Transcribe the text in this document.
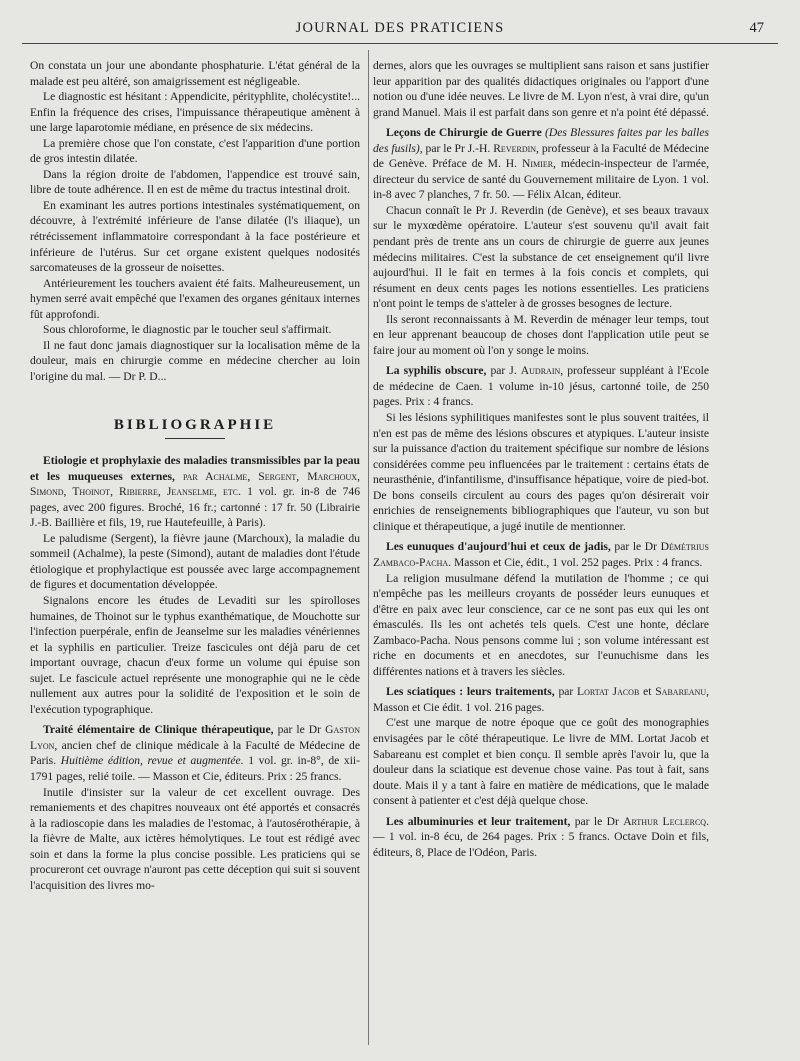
JOURNAL DES PRATICIENS	47

On constata un jour une abondante phosphaturie. L'état général de la malade est peu altéré, son amaigrissement est négligeable.

Le diagnostic est hésitant : Appendicite, pérityphlite, cholécystite!... Enfin la fréquence des crises, l'impuissance thérapeutique amènent à une large laparotomie médiane, en présence de six médecins.

La première chose que l'on constate, c'est l'apparition d'une portion de gros intestin dilatée.

Dans la région droite de l'abdomen, l'appendice est trouvé sain, libre de toute adhérence. Il en est de même du tractus intestinal droit.

En examinant les autres portions intestinales systématiquement, on découvre, à l'extrémité inférieure de l'anse dilatée (l's iliaque), un rétrécissement inflammatoire correspondant à la face postérieure et inférieure de l'utérus. Sur cet organe existent quelques nodosités sarcomateuses de la grosseur de noisettes.

Antérieurement les touchers avaient été faits. Malheureusement, un hymen serré avait empêché que l'examen des organes génitaux internes fût approfondi.

Sous chloroforme, le diagnostic par le toucher seul s'affirmait.

Il ne faut donc jamais diagnostiquer sur la localisation même de la douleur, mais en chirurgie comme en médecine chercher au loin l'origine du mal. — Dr P. D...

BIBLIOGRAPHIE

Etiologie et prophylaxie des maladies transmissibles par la peau et les muqueuses externes, par Achalme, Sergent, Marchoux, Simond, Thoinot, Ribierre, Jeanselme, etc. 1 vol. gr. in-8 de 746 pages, avec 200 figures. Broché, 16 fr.; cartonné : 17 fr. 50 (Librairie J.-B. Baillière et fils, 19, rue Hautefeuille, à Paris).

Le paludisme (Sergent), la fièvre jaune (Marchoux), la maladie du sommeil (Achalme), la peste (Simond), autant de maladies dont l'étude étiologique et prophylactique est poussée avec large accompagnement de figures et documentation développée.

Signalons encore les études de Levaditi sur les spirolloses humaines, de Thoinot sur le typhus exanthématique, de Mouchotte sur l'infection puerpérale, enfin de Jeanselme sur les maladies vénériennes et la syphilis en particulier. Treize fascicules ont déjà paru de cet important ouvrage, chacun d'eux forme un volume qui épuise son sujet. Le fascicule actuel représente une monographie qui ne le cède nullement aux autres pour la solidité de l'exposition et le soin de l'exécution typographique.

Traité élémentaire de Clinique thérapeutique, par le Dr Gaston Lyon, ancien chef de clinique médicale à la Faculté de Médecine de Paris. Huitième édition, revue et augmentée. 1 vol. gr. in-8°, de xii-1791 pages, relié toile. — Masson et Cie, éditeurs. Prix : 25 francs.

Inutile d'insister sur la valeur de cet excellent ouvrage. Des remaniements et des chapitres nouveaux ont été apportés et consacrés à la radioscopie dans les maladies de l'estomac, à l'autosérothérapie, à la fièvre de Malte, aux ictères hémolytiques. Le tout est rédigé avec soin et dans la forme la plus concise possible. Les praticiens qui se procureront cet ouvrage n'auront pas cette déception qui suit si souvent l'acquisition des livres mo-

dernes, alors que les ouvrages se multiplient sans raison et sans justifier leur apparition par des qualités didactiques originales ou l'apport d'une notion ou d'une idée neuves. Le livre de M. Lyon n'est, à vrai dire, qu'un grand Manuel. Mais il est parfait dans son genre et n'a point été dépassé.

Leçons de Chirurgie de Guerre (Des Blessures faites par les balles des fusils), par le Pr J.-H. Reverdin, professeur à la Faculté de Médecine de Genève. Préface de M. H. Nimier, médecin-inspecteur de l'armée, directeur du service de santé du Gouvernement militaire de Lyon. 1 vol. in-8 avec 7 planches, 7 fr. 50. — Félix Alcan, éditeur.

Chacun connaît le Pr J. Reverdin (de Genève), et ses beaux travaux sur le myxœdème opératoire. L'auteur s'est souvenu qu'il avait fait pendant près de trente ans un cours de chirurgie de guerre aux jeunes médecins militaires. C'est la substance de cet enseignement qu'il livre aujourd'hui. Il le fait en termes à la fois concis et complets, qui résument en deux cents pages les notions essentielles. Les praticiens n'ont point le temps de s'atteler à de grosses besognes de lecture.

Ils seront reconnaissants à M. Reverdin de ménager leur temps, tout en leur apprenant beaucoup de choses dont l'application utile peut se faire jour au moment où l'on y songe le moins.

La syphilis obscure, par J. Audrain, professeur suppléant à l'Ecole de médecine de Caen. 1 volume in-10 jésus, cartonné toile, de 250 pages. Prix : 4 francs.

Si les lésions syphilitiques manifestes sont le plus souvent traitées, il n'en est pas de même des lésions obscures et atypiques. L'auteur insiste sur la puissance d'action du traitement spécifique sur nombre de lésions considérées comme peu influencées par le traitement : certains états de neurasthénie, d'infantilisme, d'insuffisance hépatique, voire de pied-bot. De bons conseils circulent au cours des pages qu'on désirerait voir enrichies de renseignements bibliographiques que l'auteur, vu son but clinique et thérapeutique, a jugé inutile de mentionner.

Les eunuques d'aujourd'hui et ceux de jadis, par le Dr Démétrius Zambaco-Pacha. Masson et Cie, édit., 1 vol. 252 pages. Prix : 4 francs.

La religion musulmane défend la mutilation de l'homme ; ce qui n'empêche pas les meilleurs croyants de posséder leurs eunuques et d'être en paix avec leur conscience, car ce ne sont pas eux qui les ont émasculés. Ils les ont achetés tels quels. C'est une honte, déclare Zambaco-Pacha. Nous pensons comme lui ; son volume intéressant est riche en documents et en anecdotes, sur l'eunuchisme dans les différentes nations et à travers les siècles.

Les sciatiques : leurs traitements, par Lortat Jacob et Sabareanu, Masson et Cie édit. 1 vol. 216 pages.

C'est une marque de notre époque que ce goût des monographies envisagées par le côté thérapeutique. Le livre de MM. Lortat Jacob et Sabareanu est complet et bien conçu. Il semble après l'avoir lu, que la douleur dans la sciatique est devenue chose vaine. Pas tout à fait, sans doute. Mais il y a tant à faire en matière de médications, que le malade consent à patienter et c'est déjà quelque chose.

Les albuminuries et leur traitement, par le Dr Arthur Leclercq. — 1 vol. in-8 écu, de 264 pages. Prix : 5 francs. Octave Doin et fils, éditeurs, 8, Place de l'Odéon, Paris.
